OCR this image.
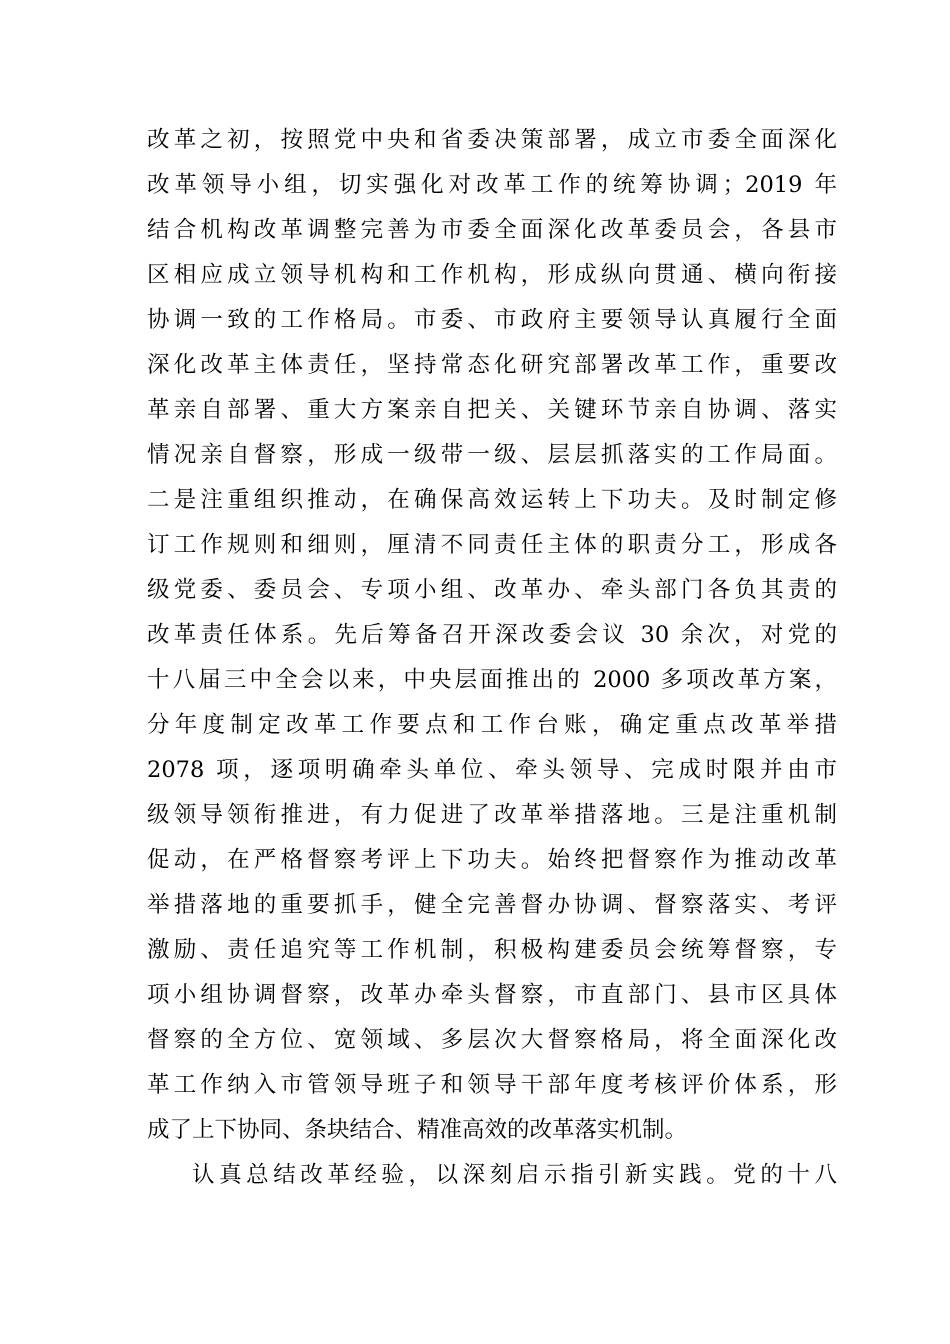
改革之初，按照党中央和省委决策部署，成立市委全面深化
改革领导小组，切实强化对改革工作的统筹协调；2019 年
结合机构改革调整完善为市委全面深化改革委员会，各县市
区相应成立领导机构和工作机构，形成纵向贯通、横向衔接
协调一致的工作格局。市委、市政府主要领导认真履行全面
深化改革主体责任，坚持常态化研究部署改革工作，重要改
革亲自部署、重大方案亲自把关、关键环节亲自协调、落实
情况亲自督察，形成一级带一级、层层抓落实的工作局面。
二是注重组织推动，在确保高效运转上下功夫。及时制定修
订工作规则和细则，厘清不同责任主体的职责分工，形成各
级党委、委员会、专项小组、改革办、牵头部门各负其责的
改革责任体系。先后筹备召开深改委会议 30 余次，对党的
十八届三中全会以来，中央层面推出的 2000 多项改革方案，
分年度制定改革工作要点和工作台账，确定重点改革举措
2078 项，逐项明确牵头单位、牵头领导、完成时限并由市
级领导领衔推进，有力促进了改革举措落地。三是注重机制
促动，在严格督察考评上下功夫。始终把督察作为推动改革
举措落地的重要抓手，健全完善督办协调、督察落实、考评
激励、责任追究等工作机制，积极构建委员会统筹督察，专
项小组协调督察，改革办牵头督察，市直部门、县市区具体
督察的全方位、宽领域、多层次大督察格局，将全面深化改
革工作纳入市管领导班子和领导干部年度考核评价体系，形
成了上下协同、条块结合、精准高效的改革落实机制。
认真总结改革经验，以深刻启示指引新实践。党的十八
